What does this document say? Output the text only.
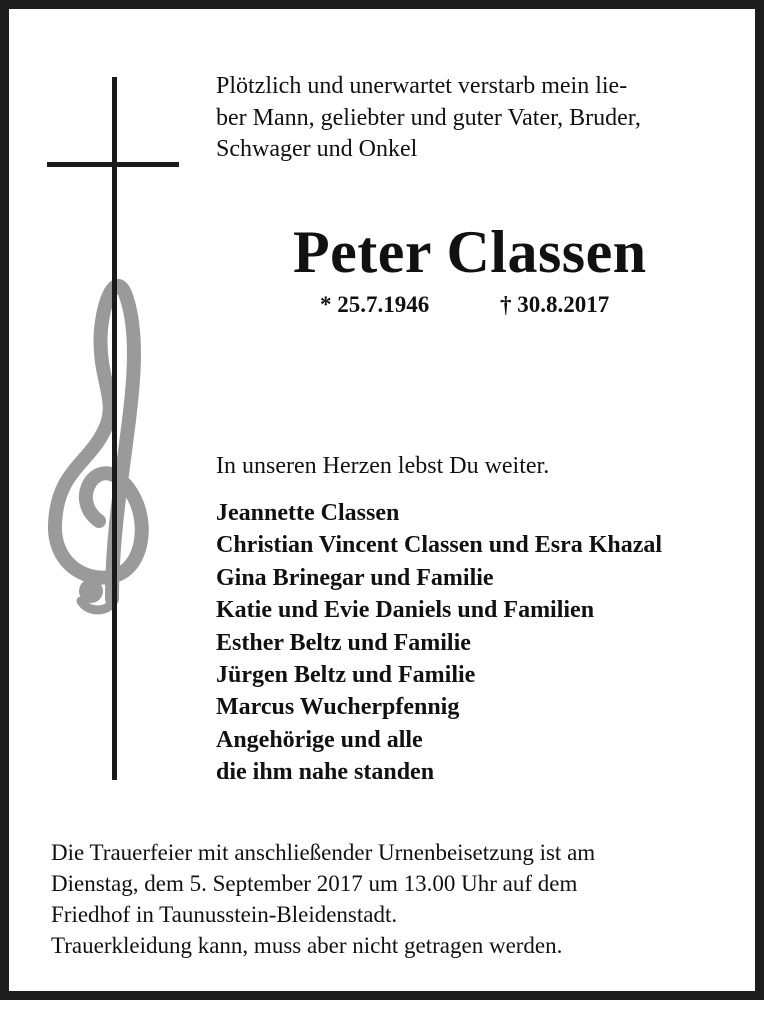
Plötzlich und unerwartet verstarb mein lie-
ber Mann, geliebter und guter Vater, Bruder,
Schwager und Onkel
Peter Classen
* 25.7.1946	† 30.8.2017
In unseren Herzen lebst Du weiter.
Jeannette Classen
Christian Vincent Classen und Esra Khazal
Gina Brinegar und Familie
Katie und Evie Daniels und Familien
Esther Beltz und Familie
Jürgen Beltz und Familie
Marcus Wucherpfennig
Angehörige und alle
die ihm nahe standen
Die Trauerfeier mit anschließender Urnenbeisetzung ist am
Dienstag, dem 5. September 2017 um 13.00 Uhr auf dem
Friedhof in Taunusstein-Bleidenstadt.
Trauerkleidung kann, muss aber nicht getragen werden.
